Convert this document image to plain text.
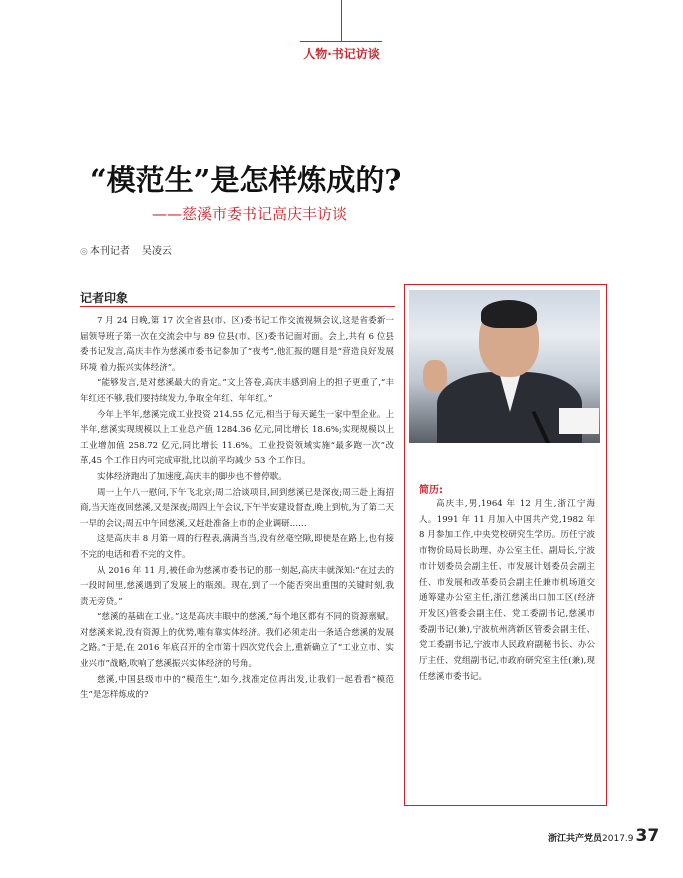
人物·书记访谈
“模范生”是怎样炼成的?
——慈溪市委书记高庆丰访谈
◎ 本刊记者 吴凌云
记者印象

7 月 24 日晚,第 17 次全省县(市、区)委书记工作交流视频会议,这是省委新一届领导班子第一次在交流会中与 89 位县(市、区)委书记面对面。会上,共有 6 位县委书记发言,高庆丰作为慈溪市委书记参加了“夜考”,他汇报的题目是“营造良好发展环境 着力振兴实体经济”。

“能够发言,是对慈溪最大的肯定。”文上答卷,高庆丰感到肩上的担子更重了,“丰年红还不够,我们要持续发力,争取全年红、年年红。”

今年上半年,慈溪完成工业投资 214.55 亿元,相当于每天诞生一家中型企业。上半年,慈溪实现规模以上工业总产值 1284.36 亿元,同比增长 18.6%;实现规模以上工业增加值 258.72 亿元,同比增长 11.6%。工业投资领域实施“最多跑一次”改革,45 个工作日内可完成审批,比以前平均减少 53 个工作日。

实体经济跑出了加速度,高庆丰的脚步也不曾停歇。

周一上午八一慰问,下午飞北京;周二洽谈项目,回到慈溪已是深夜;周三赴上海招商,当天连夜回慈溪,又是深夜;周四上午会议,下午半安建设督查,晚上到杭,为了第二天一早的会议;周五中午回慈溪,又赶赴准备上市的企业调研……

这是高庆丰 8 月第一周的行程表,满满当当,没有丝毫空隙,即使是在路上,也有接不完的电话和看不完的文件。

从 2016 年 11 月,被任命为慈溪市委书记的那一刻起,高庆丰就深知:“在过去的一段时间里,慈溪遇到了发展上的瓶颈。现在,到了一个能否突出重围的关键时刻,我责无旁贷。”

“慈溪的基础在工业。”这是高庆丰眼中的慈溪,“每个地区都有不同的资源禀赋。对慈溪来说,没有资源上的优势,唯有靠实体经济。我们必须走出一条适合慈溪的发展之路。”于是,在 2016 年底召开的全市第十四次党代会上,重新确立了“工业立市、实业兴市”战略,吹响了慈溪振兴实体经济的号角。

慈溪,中国县级市中的“模范生”,如今,找准定位再出发,让我们一起看看“模范生”是怎样炼成的?

简历:
高庆丰,男,1964 年 12 月生,浙江宁海人。1991 年 11 月加入中国共产党,1982 年 8 月参加工作,中央党校研究生学历。历任宁波市物价局局长助理、办公室主任、副局长,宁波市计划委员会副主任、市发展计划委员会副主任、市发展和改革委员会副主任兼市机场道交通筹建办公室主任,浙江慈溪出口加工区(经济开发区)管委会副主任、党工委副书记,慈溪市委副书记(兼),宁波杭州湾新区管委会副主任、党工委副书记,宁波市人民政府副秘书长、办公厅主任、党组副书记,市政府研究室主任(兼),现任慈溪市委书记。
浙江共产党员2017.9 37
